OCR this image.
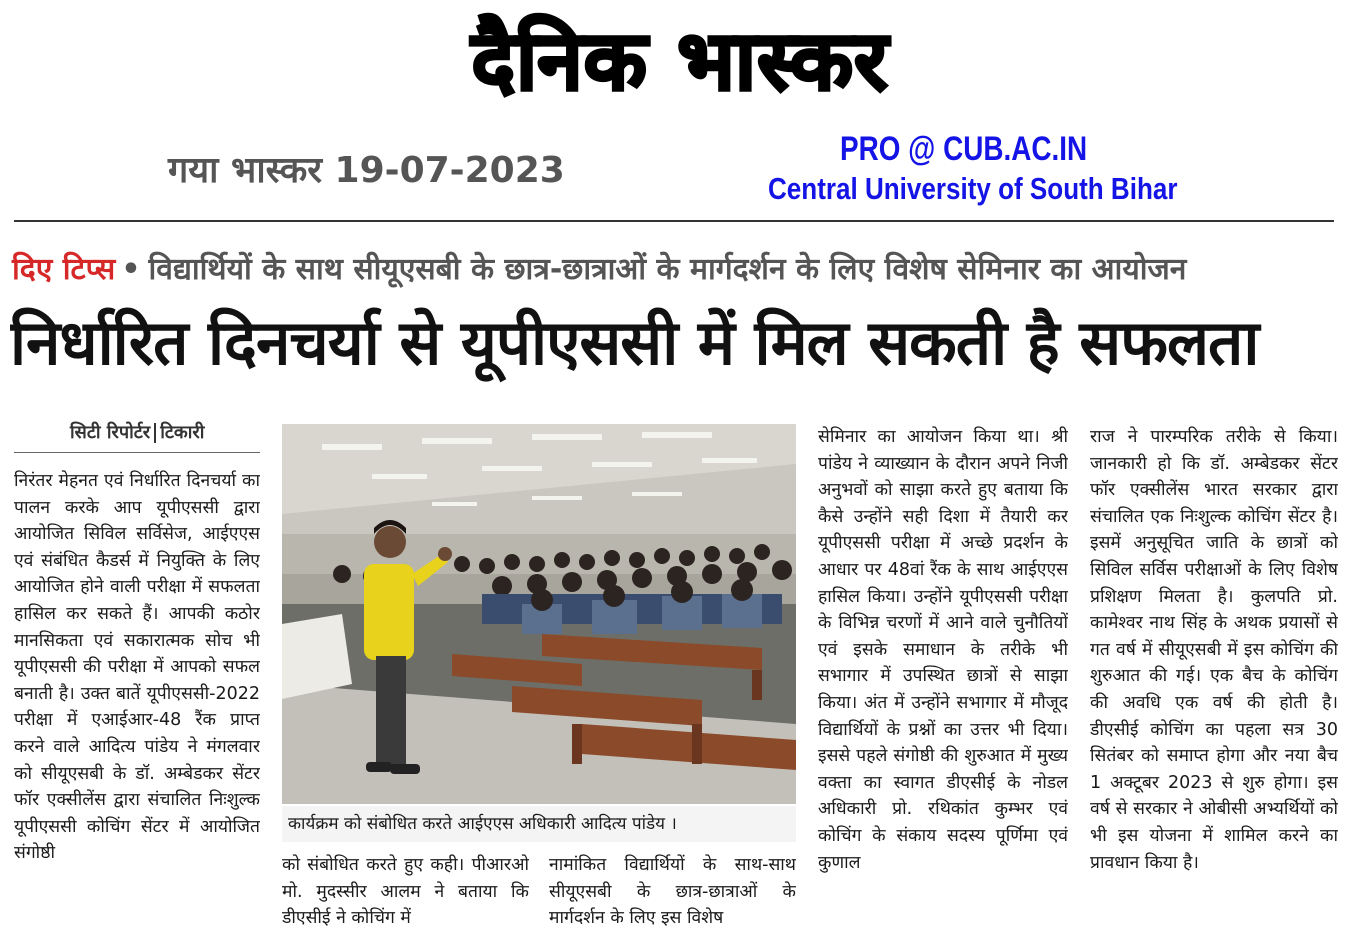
दैनिक भास्कर
गया भास्कर 19-07-2023
PRO @ CUB.AC.IN
Central University of South Bihar
दिए टिप्स • विद्यार्थियों के साथ सीयूएसबी के छात्र-छात्राओं के मार्गदर्शन के लिए विशेष सेमिनार का आयोजन
निर्धारित दिनचर्या से यूपीएससी में मिल सकती है सफलता
सिटी रिपोर्टर टिकारी

निरंतर मेहनत एवं निर्धारित दिनचर्या का पालन करके आप यूपीएससी द्वारा आयोजित सिविल सर्विसेज, आईएएस एवं संबंधित कैडर्स में नियुक्ति के लिए आयोजित होने वाली परीक्षा में सफलता हासिल कर सकते हैं। आपकी कठोर मानसिकता एवं सकारात्मक सोच भी यूपीएससी की परीक्षा में आपको सफल बनाती है। उक्त बातें यूपीएससी-2022 परीक्षा में एआईआर-48 रैंक प्राप्त करने वाले आदित्य पांडेय ने मंगलवार को सीयूएसबी के डॉ. अम्बेडकर सेंटर फॉर एक्सीलेंस द्वारा संचालित निःशुल्क यूपीएससी कोचिंग सेंटर में आयोजित संगोष्ठी

कार्यक्रम को संबोधित करते आईएएस अधिकारी आदित्य पांडेय ।

को संबोधित करते हुए कही। पीआरओ मो. मुदस्सीर आलम ने बताया कि डीएसीई ने कोचिंग में

नामांकित विद्यार्थियों के साथ-साथ सीयूएसबी के छात्र-छात्राओं के मार्गदर्शन के लिए इस विशेष

सेमिनार का आयोजन किया था। श्री पांडेय ने व्याख्यान के दौरान अपने निजी अनुभवों को साझा करते हुए बताया कि कैसे उन्होंने सही दिशा में तैयारी कर यूपीएससी परीक्षा में अच्छे प्रदर्शन के आधार पर 48वां रैंक के साथ आईएएस हासिल किया। उन्होंने यूपीएससी परीक्षा के विभिन्न चरणों में आने वाले चुनौतियों एवं इसके समाधान के तरीके भी सभागार में उपस्थित छात्रों से साझा किया। अंत में उन्होंने सभागार में मौजूद विद्यार्थियों के प्रश्नों का उत्तर भी दिया। इससे पहले संगोष्ठी की शुरुआत में मुख्य वक्ता का स्वागत डीएसीई के नोडल अधिकारी प्रो. रथिकांत कुम्भर एवं कोचिंग के संकाय सदस्य पूर्णिमा एवं कुणाल

राज ने पारम्परिक तरीके से किया। जानकारी हो कि डॉ. अम्बेडकर सेंटर फॉर एक्सीलेंस भारत सरकार द्वारा संचालित एक निःशुल्क कोचिंग सेंटर है। इसमें अनुसूचित जाति के छात्रों को सिविल सर्विस परीक्षाओं के लिए विशेष प्रशिक्षण मिलता है। कुलपति प्रो. कामेश्वर नाथ सिंह के अथक प्रयासों से गत वर्ष में सीयूएसबी में इस कोचिंग की शुरुआत की गई। एक बैच के कोचिंग की अवधि एक वर्ष की होती है। डीएसीई कोचिंग का पहला सत्र 30 सितंबर को समाप्त होगा और नया बैच 1 अक्टूबर 2023 से शुरु होगा। इस वर्ष से सरकार ने ओबीसी अभ्यर्थियों को भी इस योजना में शामिल करने का प्रावधान किया है।
